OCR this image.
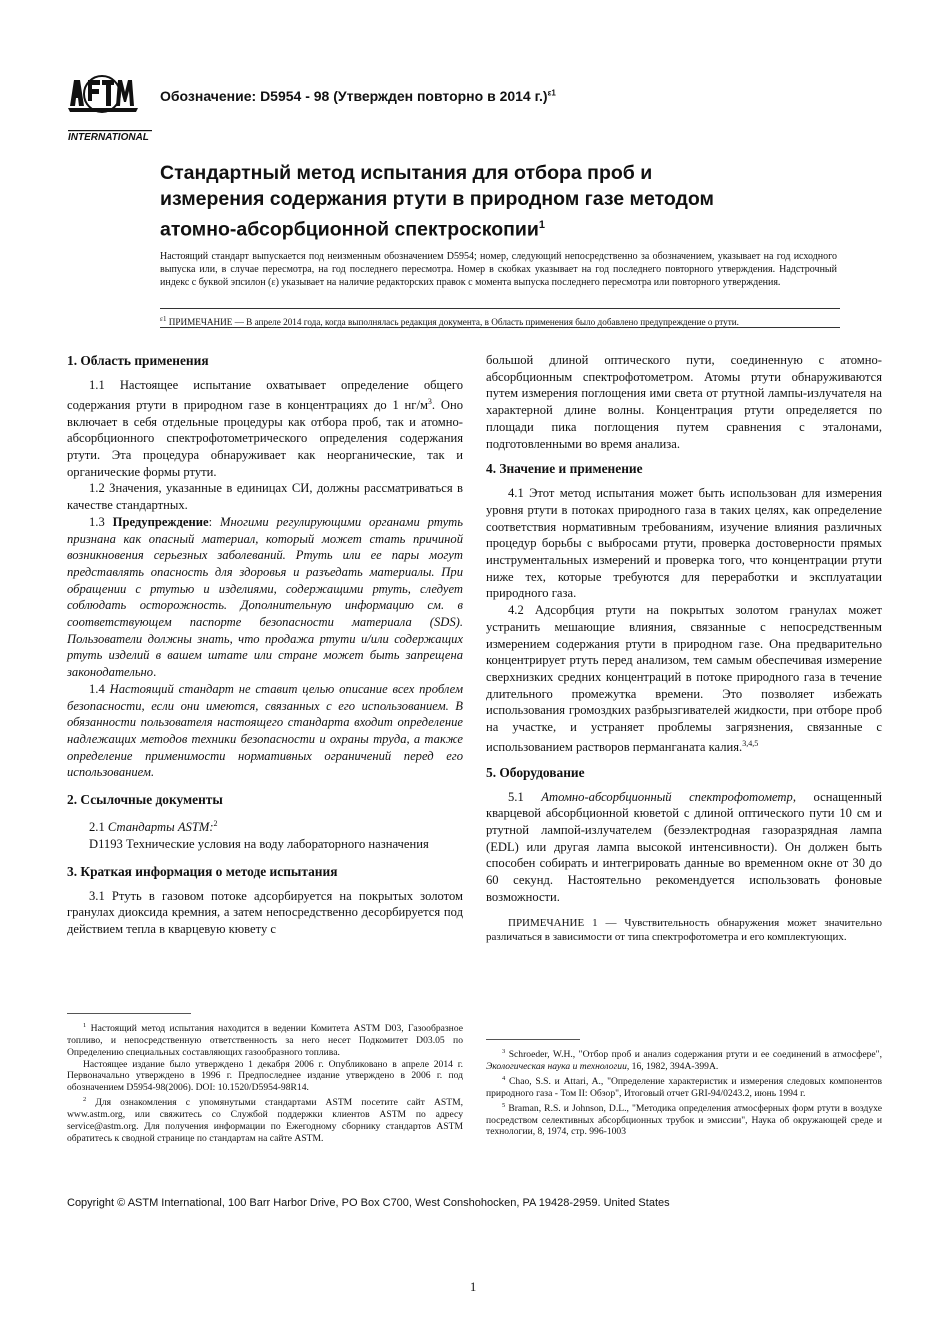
INTERNATIONAL
Обозначение: D5954 - 98 (Утвержден повторно в 2014 г.)$^{\varepsilon 1}$
Стандартный метод испытания для отбора проб и
измерения содержания ртути в природном газе методом
атомно-абсорбционной спектроскопии$^1$
Настоящий стандарт выпускается под неизменным обозначением D5954; номер, следующий непосредственно за обозначением, указывает на год исходного выпуска или, в случае пересмотра, на год последнего пересмотра. Номер в скобках указывает на год последнего повторного утверждения. Надстрочный индекс с буквой эпсилон (ε) указывает на наличие редакторских правок с момента выпуска последнего пересмотра или повторного утверждения.
$^{\varepsilon 1}$ ПРИМЕЧАНИЕ — В апреле 2014 года, когда выполнялась редакция документа, в Область применения было добавлено предупреждение о ртути.
1. Область применения

1.1 Настоящее испытание охватывает определение общего содержания ртути в природном газе в концентрациях до 1 $нг/м^3$. Оно включает в себя отдельные процедуры как отбора проб, так и атомно-абсорбционного спектрофотометрического определения содержания ртути. Эта процедура обнаруживает как неорганические, так и органические формы ртути.

1.2 Значения, указанные в единицах СИ, должны рассматриваться в качестве стандартных.

1.3 Предупреждение: Многими регулирующими органами ртуть признана как опасный материал, который может стать причиной возникновения серьезных заболеваний. Ртуть или ее пары могут представлять опасность для здоровья и разъедать материалы. При обращении с ртутью и изделиями, содержащими ртуть, следует соблюдать осторожность. Дополнительную информацию см. в соответствующем паспорте безопасности материала (SDS). Пользователи должны знать, что продажа ртути и/или содержащих ртуть изделий в вашем штате или стране может быть запрещена законодательно.

1.4 Настоящий стандарт не ставит целью описание всех проблем безопасности, если они имеются, связанных с его использованием. В обязанности пользователя настоящего стандарта входит определение надлежащих методов техники безопасности и охраны труда, а также определение применимости нормативных ограничений перед его использованием.

2. Ссылочные документы

2.1 Стандарты ASTM:$^2$

D1193 Технические условия на воду лабораторного назначения

3. Краткая информация о методе испытания

3.1 Ртуть в газовом потоке адсорбируется на покрытых золотом гранулах диоксида кремния, а затем непосредственно десорбируется под действием тепла в кварцевую кювету с

большой длиной оптического пути, соединенную с атомно-абсорбционным спектрофотометром. Атомы ртути обнаруживаются путем измерения поглощения ими света от ртутной лампы-излучателя на характерной длине волны. Концентрация ртути определяется по площади пика поглощения путем сравнения с эталонами, подготовленными во время анализа.

4. Значение и применение

4.1 Этот метод испытания может быть использован для измерения уровня ртути в потоках природного газа в таких целях, как определение соответствия нормативным требованиям, изучение влияния различных процедур борьбы с выбросами ртути, проверка достоверности прямых инструментальных измерений и проверка того, что концентрации ртути ниже тех, которые требуются для переработки и эксплуатации природного газа.

4.2 Адсорбция ртути на покрытых золотом гранулах может устранить мешающие влияния, связанные с непосредственным измерением содержания ртути в природном газе. Она предварительно концентрирует ртуть перед анализом, тем самым обеспечивая измерение сверхнизких средних концентраций в потоке природного газа в течение длительного промежутка времени. Это позволяет избежать использования громоздких разбрызгивателей жидкости, при отборе проб на участке, и устраняет проблемы загрязнения, связанные с использованием растворов перманганата калия.$^{3,4,5}$

5. Оборудование

5.1 Атомно-абсорбционный спектрофотометр, оснащенный кварцевой абсорбционной кюветой с длиной оптического пути 10 см и ртутной лампой-излучателем (безэлектродная газоразрядная лампа (EDL) или другая лампа высокой интенсивности). Он должен быть способен собирать и интегрировать данные во временном окне от 30 до 60 секунд. Настоятельно рекомендуется использовать фоновые возможности.

ПРИМЕЧАНИЕ 1 — Чувствительность обнаружения может значительно различаться в зависимости от типа спектрофотометра и его комплектующих.

$^1$ Настоящий метод испытания находится в ведении Комитета ASTM D03, Газообразное топливо, и непосредственную ответственность за него несет Подкомитет D03.05 по Определению специальных составляющих газообразного топлива.

Настоящее издание было утверждено 1 декабря 2006 г. Опубликовано в апреле 2014 г. Первоначально утверждено в 1996 г. Предпоследнее издание утверждено в 2006 г. под обозначением D5954-98(2006). DOI: 10.1520/D5954-98R14.

$^2$ Для ознакомления с упомянутыми стандартами ASTM посетите сайт ASTM, www.astm.org, или свяжитесь со Службой поддержки клиентов ASTM по адресу service@astm.org. Для получения информации по Ежегодному сборнику стандартов ASTM обратитесь к сводной странице по стандартам на сайте ASTM.

$^3$ Schroeder, W.H., "Отбор проб и анализ содержания ртути и ее соединений в атмосфере", Экологическая наука и технологии, 16, 1982, 394A-399A.

$^4$ Chao, S.S. и Attari, A., "Определение характеристик и измерения следовых компонентов природного газа - Том II: Обзор", Итоговый отчет GRI-94/0243.2, июнь 1994 г.

$^5$ Braman, R.S. и Johnson, D.L., "Методика определения атмосферных форм ртути в воздухе посредством селективных абсорбционных трубок и эмиссии", Наука об окружающей среде и технологии, 8, 1974, стр. 996-1003

Copyright © ASTM International, 100 Barr Harbor Drive, PO Box C700, West Conshohocken, PA 19428-2959. United States
1
